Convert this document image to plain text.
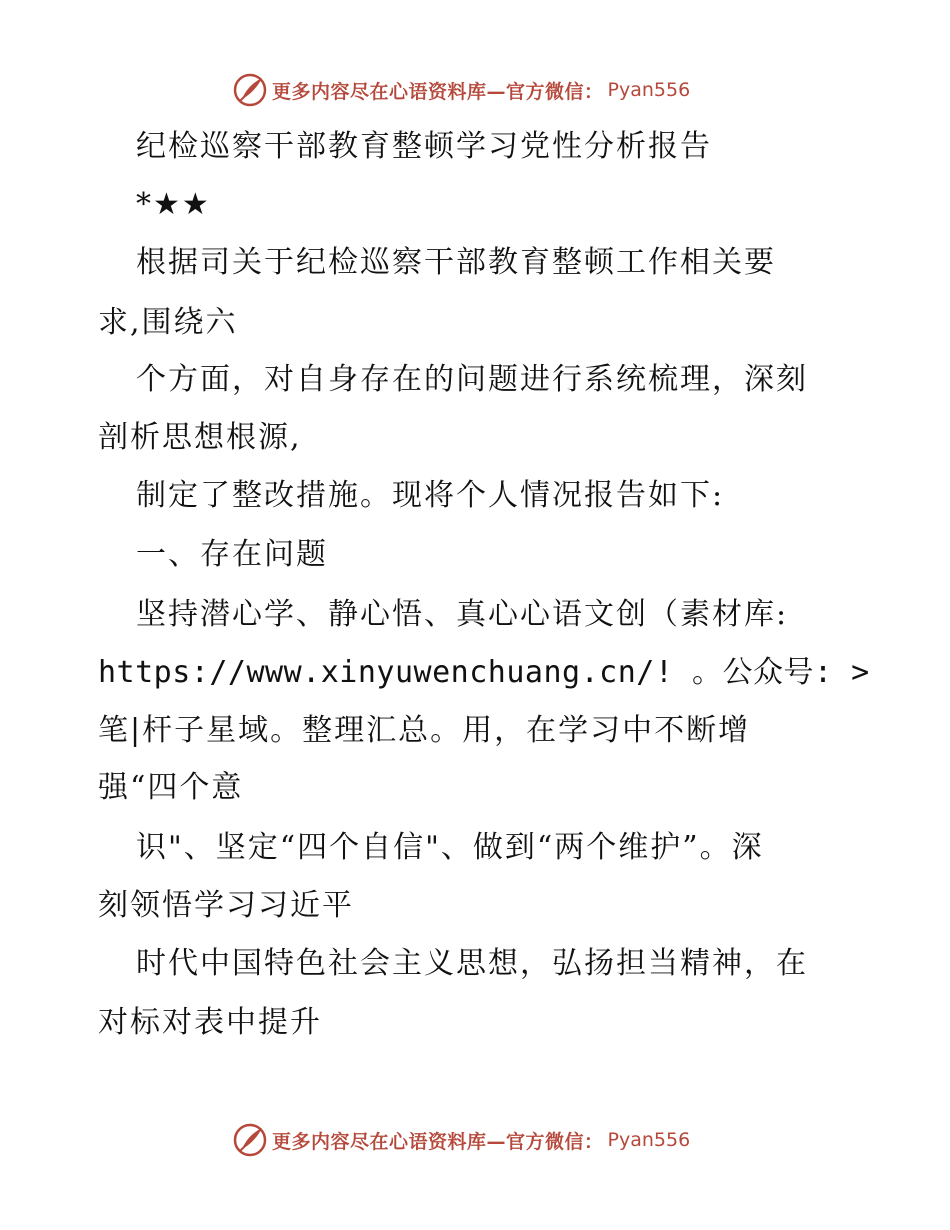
更多内容尽在心语资料库—官方微信： Pyan556
纪检巡察干部教育整顿学习党性分析报告
*★★
根据司关于纪检巡察干部教育整顿工作相关要
求,围绕六
个方面，对自身存在的问题进行系统梳理，深刻
剖析思想根源,
制定了整改措施。现将个人情况报告如下:
一、存在问题
坚持潜心学、静心悟、真心心语文创（素材库:
https://www.xinyuwenchuang.cn/! 。公众号: >
笔|杆子星域。整理汇总。用，在学习中不断增
强“四个意
识"、坚定“四个自信"、做到“两个维护”。深
刻领悟学习习近平
时代中国特色社会主义思想，弘扬担当精神，在
对标对表中提升
更多内容尽在心语资料库—官方微信： Pyan556
